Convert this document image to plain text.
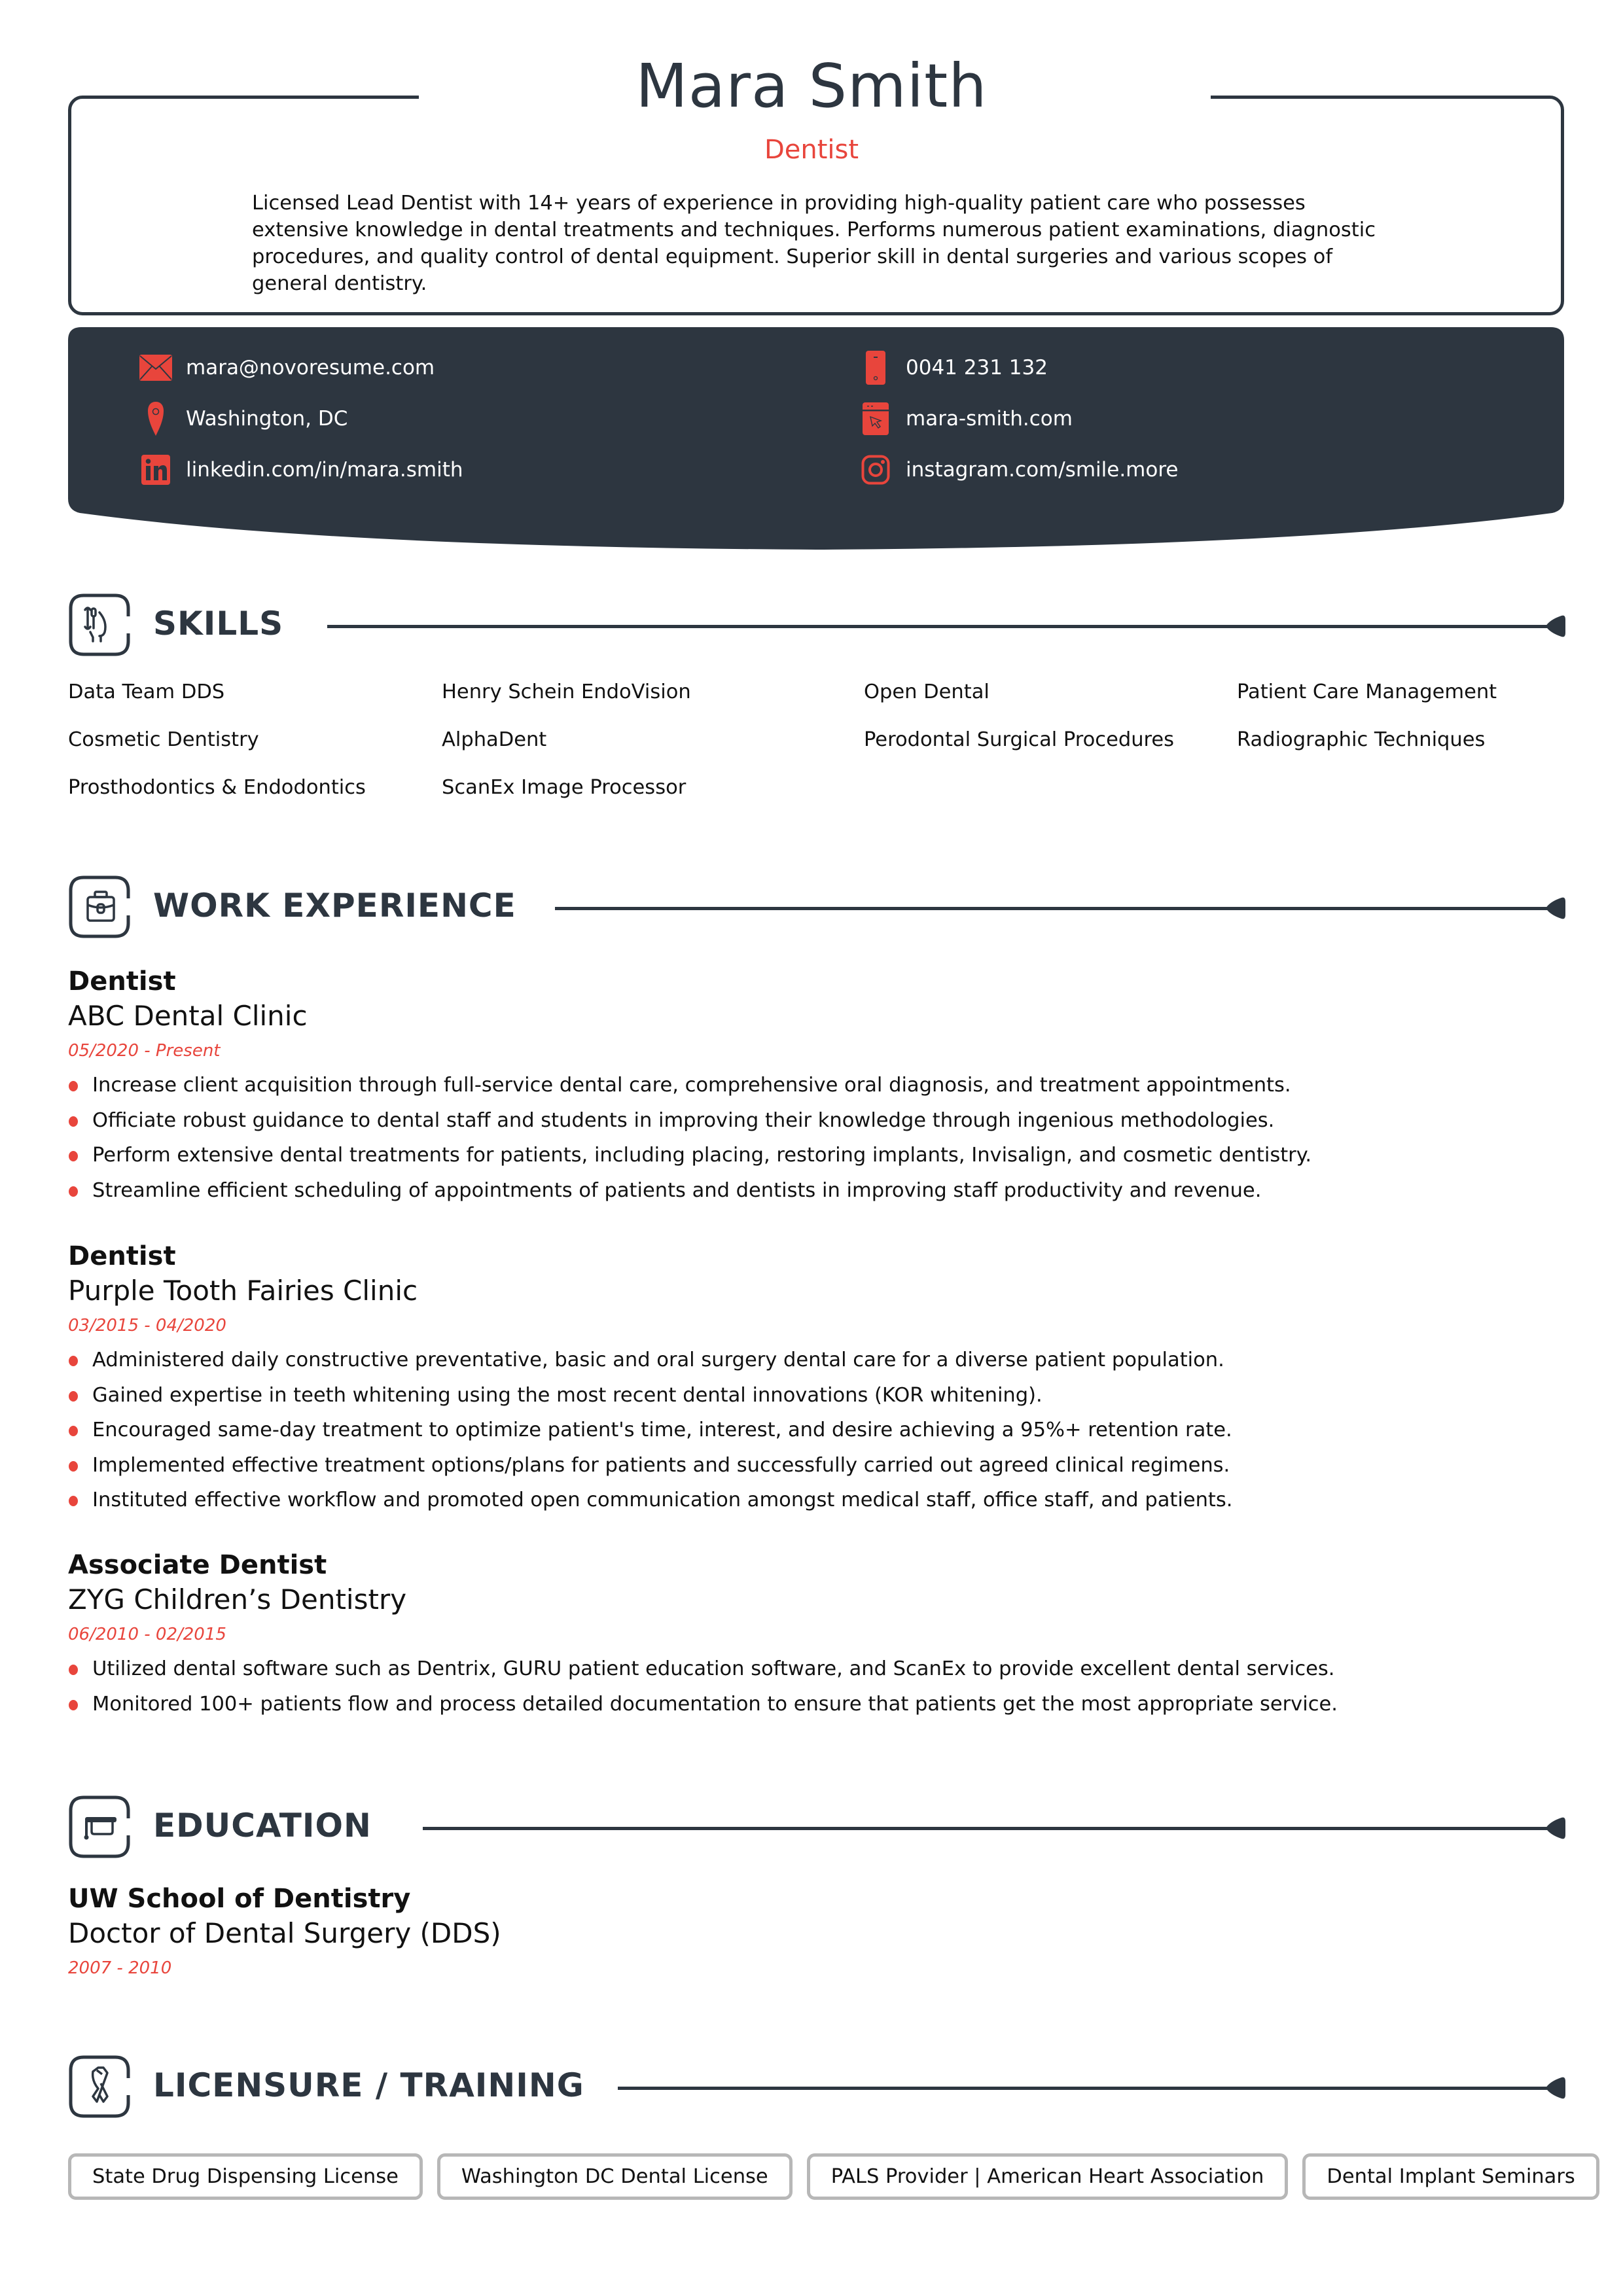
Mara Smith
Dentist

Licensed Lead Dentist with 14+ years of experience in providing high-quality patient care who possesses extensive knowledge in dental treatments and techniques. Performs numerous patient examinations, diagnostic procedures, and quality control of dental equipment. Superior skill in dental surgeries and various scopes of general dentistry.

mara@novoresume.com
Washington, DC
linkedin.com/in/mara.smith
0041 231 132
mara-smith.com
instagram.com/smile.more
SKILLS
Data Team DDS	Henry Schein EndoVision	Open Dental	Patient Care Management
Cosmetic Dentistry	AlphaDent	Perodontal Surgical Procedures	Radiographic Techniques
Prosthodontics & Endodontics	ScanEx Image Processor
WORK EXPERIENCE
Dentist
ABC Dental Clinic
05/2020 - Present
Increase client acquisition through full-service dental care, comprehensive oral diagnosis, and treatment appointments.
Officiate robust guidance to dental staff and students in improving their knowledge through ingenious methodologies.
Perform extensive dental treatments for patients, including placing, restoring implants, Invisalign, and cosmetic dentistry.
Streamline efficient scheduling of appointments of patients and dentists in improving staff productivity and revenue.
Dentist
Purple Tooth Fairies Clinic
03/2015 - 04/2020
Administered daily constructive preventative, basic and oral surgery dental care for a diverse patient population.
Gained expertise in teeth whitening using the most recent dental innovations (KOR whitening).
Encouraged same-day treatment to optimize patient's time, interest, and desire achieving a 95%+ retention rate.
Implemented effective treatment options/plans for patients and successfully carried out agreed clinical regimens.
Instituted effective workflow and promoted open communication amongst medical staff, office staff, and patients.
Associate Dentist
ZYG Children’s Dentistry
06/2010 - 02/2015
Utilized dental software such as Dentrix, GURU patient education software, and ScanEx to provide excellent dental services.
Monitored 100+ patients flow and process detailed documentation to ensure that patients get the most appropriate service.
EDUCATION
UW School of Dentistry
Doctor of Dental Surgery (DDS)
2007 - 2010
LICENSURE / TRAINING
State Drug Dispensing License	Washington DC Dental License	PALS Provider | American Heart Association	Dental Implant Seminars
